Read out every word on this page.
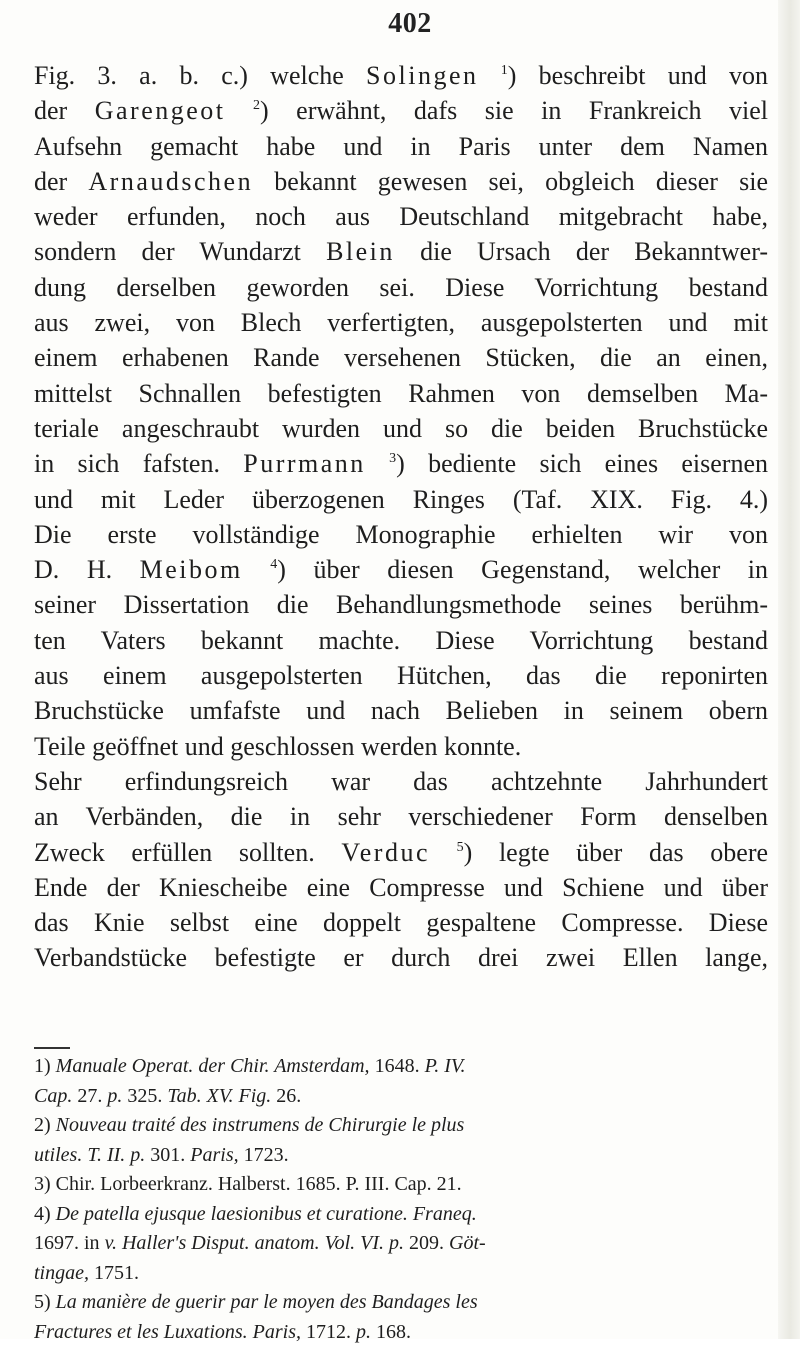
402
Fig. 3. a. b. c.) welche Solingen $^1$) beschreibt und von
der Garengeot $^2$) erwähnt, dafs sie in Frankreich viel
Aufsehn gemacht habe und in Paris unter dem Namen
der Arnaudschen bekannt gewesen sei, obgleich dieser sie
weder erfunden, noch aus Deutschland mitgebracht habe,
sondern der Wundarzt Blein die Ursach der Bekanntwer-
dung derselben geworden sei. Diese Vorrichtung bestand
aus zwei, von Blech verfertigten, ausgepolsterten und mit
einem erhabenen Rande versehenen Stücken, die an einen,
mittelst Schnallen befestigten Rahmen von demselben Ma-
teriale angeschraubt wurden und so die beiden Bruchstücke
in sich fafsten. Purrmann $^3$) bediente sich eines eisernen
und mit Leder überzogenen Ringes (Taf. XIX. Fig. 4.)
Die erste vollständige Monographie erhielten wir von
D. H. Meibom $^4$) über diesen Gegenstand, welcher in
seiner Dissertation die Behandlungsmethode seines berühm-
ten Vaters bekannt machte. Diese Vorrichtung bestand
aus einem ausgepolsterten Hütchen, das die reponirten
Bruchstücke umfafste und nach Belieben in seinem obern
Teile geöffnet und geschlossen werden konnte.
Sehr erfindungsreich war das achtzehnte Jahrhundert
an Verbänden, die in sehr verschiedener Form denselben
Zweck erfüllen sollten. Verduc $^5$) legte über das obere
Ende der Kniescheibe eine Compresse und Schiene und über
das Knie selbst eine doppelt gespaltene Compresse. Diese
Verbandstücke befestigte er durch drei zwei Ellen lange,
1) Manuale Operat. der Chir. Amsterdam, 1648. P. IV.
Cap. 27. p. 325. Tab. XV. Fig. 26.
2) Nouveau traité des instrumens de Chirurgie le plus
utiles. T. II. p. 301. Paris, 1723.
3) Chir. Lorbeerkranz. Halberst. 1685. P. III. Cap. 21.
4) De patella ejusque laesionibus et curatione. Franeq.
1697. in v. Haller's Disput. anatom. Vol. VI. p. 209. Göt-
tingae, 1751.
5) La manière de guerir par le moyen des Bandages les
Fractures et les Luxations. Paris, 1712. p. 168.
